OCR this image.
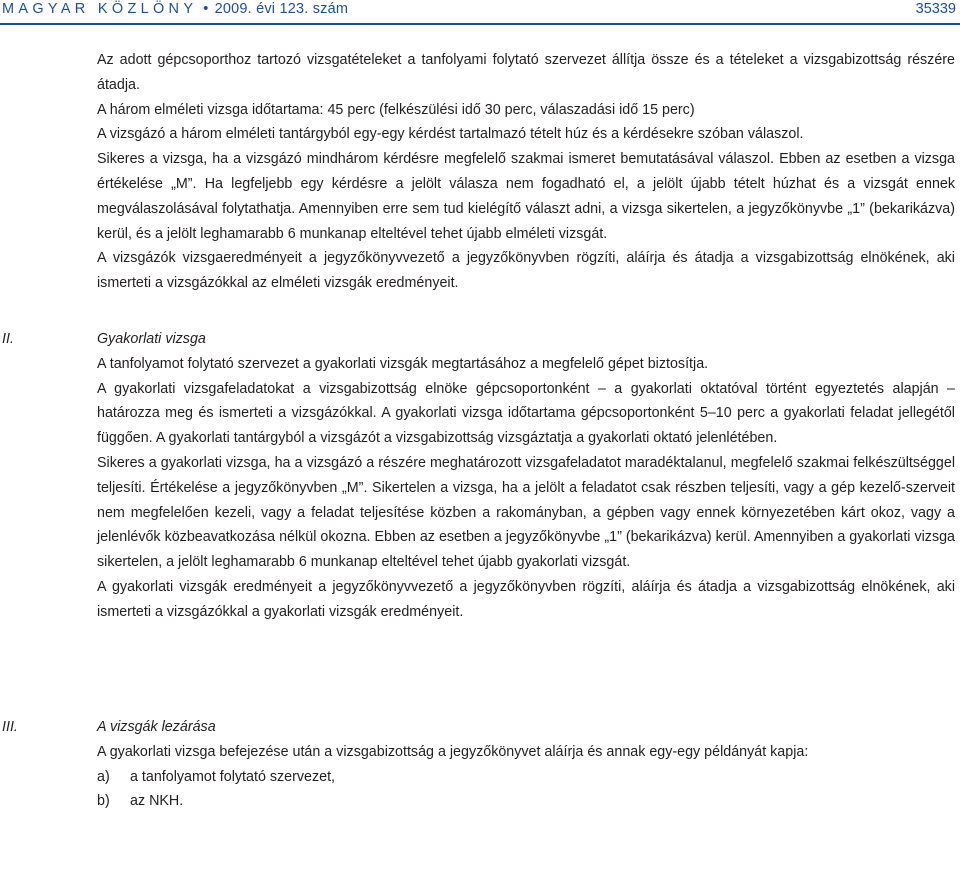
MAGYAR KÖZLÖNY • 2009. évi 123. szám	35339

Az adott gépcsoporthoz tartozó vizsgatételeket a tanfolyami folytató szervezet állítja össze és a tételeket a vizsgabizottság részére átadja.

A három elméleti vizsga időtartama: 45 perc (felkészülési idő 30 perc, válaszadási idő 15 perc)

A vizsgázó a három elméleti tantárgyból egy-egy kérdést tartalmazó tételt húz és a kérdésekre szóban válaszol.

Sikeres a vizsga, ha a vizsgázó mindhárom kérdésre megfelelő szakmai ismeret bemutatásával válaszol. Ebben az esetben a vizsga értékelése „M”. Ha legfeljebb egy kérdésre a jelölt válasza nem fogadható el, a jelölt újabb tételt húzhat és a vizsgát ennek megválaszolásával folytathatja. Amennyiben erre sem tud kielégítő választ adni, a vizsga sikertelen, a jegyzőkönyvbe „1” (bekarikázva) kerül, és a jelölt leghamarabb 6 munkanap elteltével tehet újabb elméleti vizsgát.

A vizsgázók vizsgaeredményeit a jegyzőkönyvvezető a jegyzőkönyvben rögzíti, aláírja és átadja a vizsgabizottság elnökének, aki ismerteti a vizsgázókkal az elméleti vizsgák eredményeit.

II.	Gyakorlati vizsga

A tanfolyamot folytató szervezet a gyakorlati vizsgák megtartásához a megfelelő gépet biztosítja.

A gyakorlati vizsgafeladatokat a vizsgabizottság elnöke gépcsoportonként – a gyakorlati oktatóval történt egyeztetés alapján – határozza meg és ismerteti a vizsgázókkal. A gyakorlati vizsga időtartama gépcsoportonként 5–10 perc a gyakorlati feladat jellegétől függően. A gyakorlati tantárgyból a vizsgázót a vizsgabizottság vizsgáztatja a gyakorlati oktató jelenlétében.

Sikeres a gyakorlati vizsga, ha a vizsgázó a részére meghatározott vizsgafeladatot maradéktalanul, megfelelő szakmai felkészültséggel teljesíti. Értékelése a jegyzőkönyvben „M”. Sikertelen a vizsga, ha a jelölt a feladatot csak részben teljesíti, vagy a gép kezelő-szerveit nem megfelelően kezeli, vagy a feladat teljesítése közben a rakományban, a gépben vagy ennek környezetében kárt okoz, vagy a jelenlévők közbeavatkozása nélkül okozna. Ebben az esetben a jegyzőkönyvbe „1” (bekarikázva) kerül. Amennyiben a gyakorlati vizsga sikertelen, a jelölt leghamarabb 6 munkanap elteltével tehet újabb gyakorlati vizsgát.

A gyakorlati vizsgák eredményeit a jegyzőkönyvvezető a jegyzőkönyvben rögzíti, aláírja és átadja a vizsgabizottság elnökének, aki ismerteti a vizsgázókkal a gyakorlati vizsgák eredményeit.

III.	A vizsgák lezárása

A gyakorlati vizsga befejezése után a vizsgabizottság a jegyzőkönyvet aláírja és annak egy-egy példányát kapja:

a)	a tanfolyamot folytató szervezet,
b)	az NKH.
